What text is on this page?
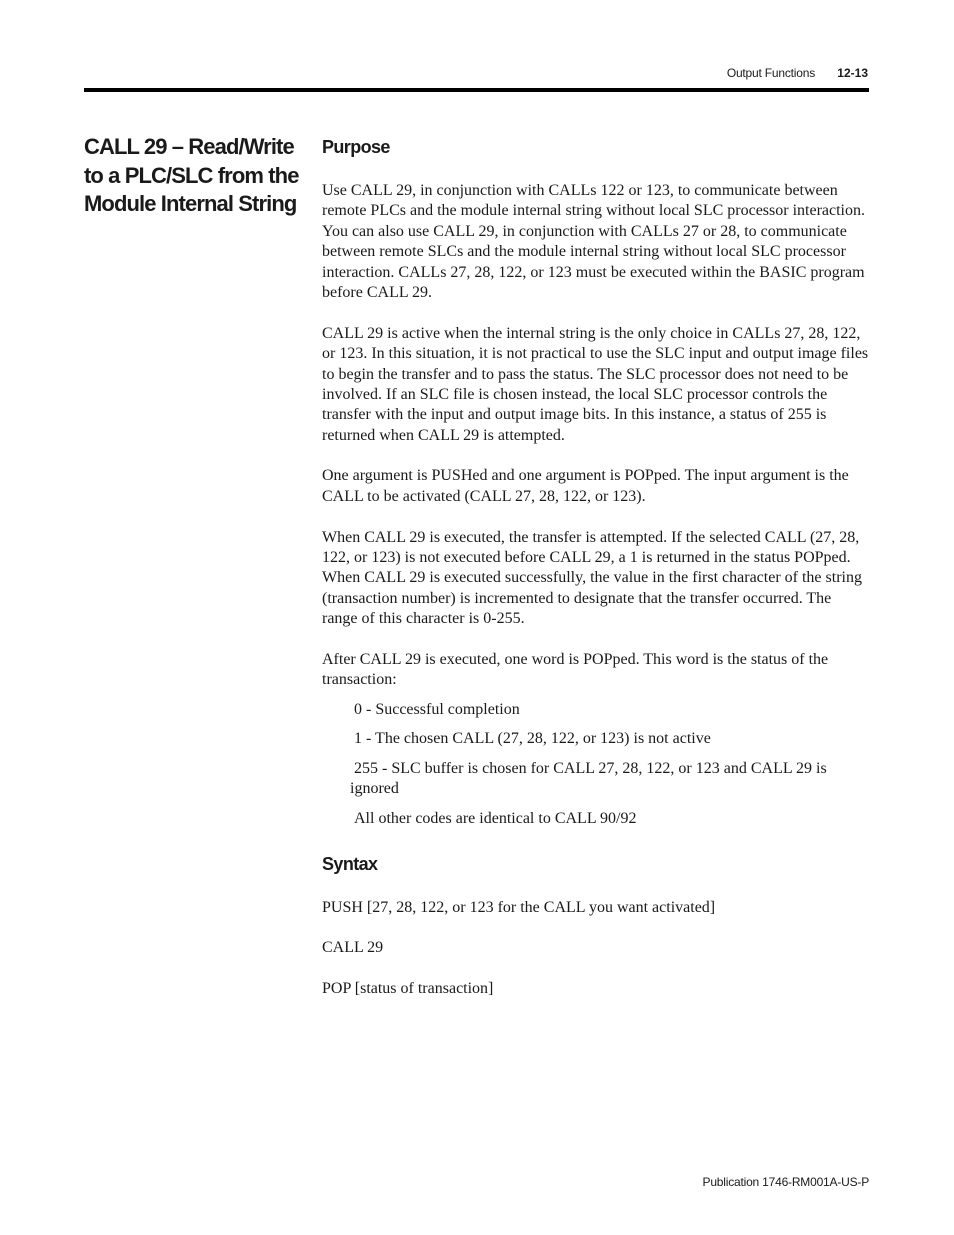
Output Functions 12-13
CALL 29 – Read/Write to a PLC/SLC from the Module Internal String
Purpose

Use CALL 29, in conjunction with CALLs 122 or 123, to communicate between remote PLCs and the module internal string without local SLC processor interaction. You can also use CALL 29, in conjunction with CALLs 27 or 28, to communicate between remote SLCs and the module internal string without local SLC processor interaction. CALLs 27, 28, 122, or 123 must be executed within the BASIC program before CALL 29.

CALL 29 is active when the internal string is the only choice in CALLs 27, 28, 122, or 123. In this situation, it is not practical to use the SLC input and output image files to begin the transfer and to pass the status. The SLC processor does not need to be involved. If an SLC file is chosen instead, the local SLC processor controls the transfer with the input and output image bits. In this instance, a status of 255 is returned when CALL 29 is attempted.

One argument is PUSHed and one argument is POPped. The input argument is the CALL to be activated (CALL 27, 28, 122, or 123).

When CALL 29 is executed, the transfer is attempted. If the selected CALL (27, 28, 122, or 123) is not executed before CALL 29, a 1 is returned in the status POPped. When CALL 29 is executed successfully, the value in the first character of the string (transaction number) is incremented to designate that the transfer occurred. The range of this character is 0-255.

After CALL 29 is executed, one word is POPped. This word is the status of the transaction:

0 - Successful completion
1 - The chosen CALL (27, 28, 122, or 123) is not active
255 - SLC buffer is chosen for CALL 27, 28, 122, or 123 and CALL 29 is ignored
All other codes are identical to CALL 90/92
Syntax

PUSH [27, 28, 122, or 123 for the CALL you want activated]

CALL 29

POP [status of transaction]

Publication 1746-RM001A-US-P
